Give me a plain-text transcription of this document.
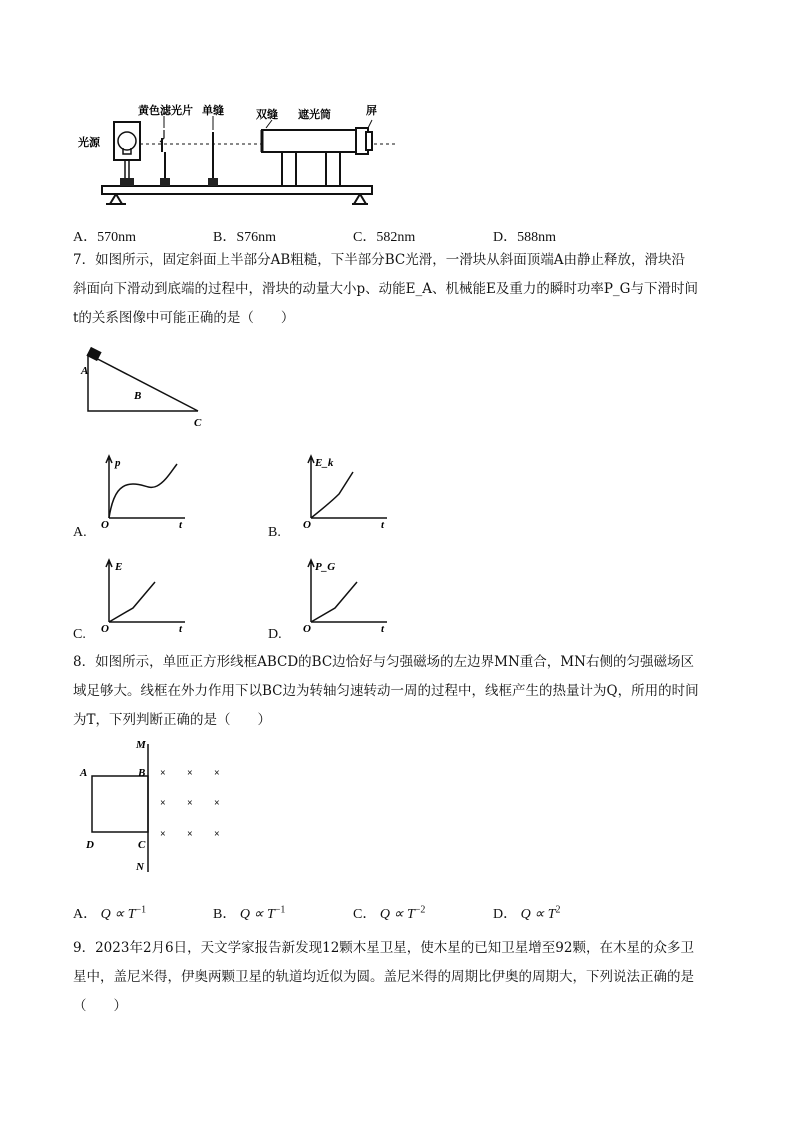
光源
黄色滤光片 单缝	双缝 遮光筒	屏
A．570nm	B．S76nm	C．582nm	D．588nm
7．如图所示，固定斜面上半部分AB粗糙，下半部分BC光滑，一滑块从斜面顶端A由静止释放，滑块沿
斜面向下滑动到底端的过程中，滑块的动量大小p、动能E_A、机械能E及重力的瞬时功率P_G与下滑时间
t的关系图像中可能正确的是（　　）
A
B
C
A.
p
O	t	B.
E_k
O	t
C.
E
O	t	D.
P_G
O	t
8．如图所示，单匝正方形线框ABCD的BC边恰好与匀强磁场的左边界MN重合，MN右侧的匀强磁场区
域足够大。线框在外力作用下以BC边为转轴匀速转动一周的过程中，线框产生的热量计为Q，所用的时间
为T，下列判断正确的是（　　）
× × ×
× × ×
× × ×
M
N
A	B
C
D
A． $Q \propto T^{-1}$	B． $Q \propto T^{-1}$	C． $Q \propto T^{-2}$	D． $Q \propto T^2$
9．2023年2月6日，天文学家报告新发现12颗木星卫星，使木星的已知卫星增至92颗，在木星的众多卫
星中，盖尼米得，伊奥两颗卫星的轨道均近似为圆。盖尼米得的周期比伊奥的周期大，下列说法正确的是
（　　）
